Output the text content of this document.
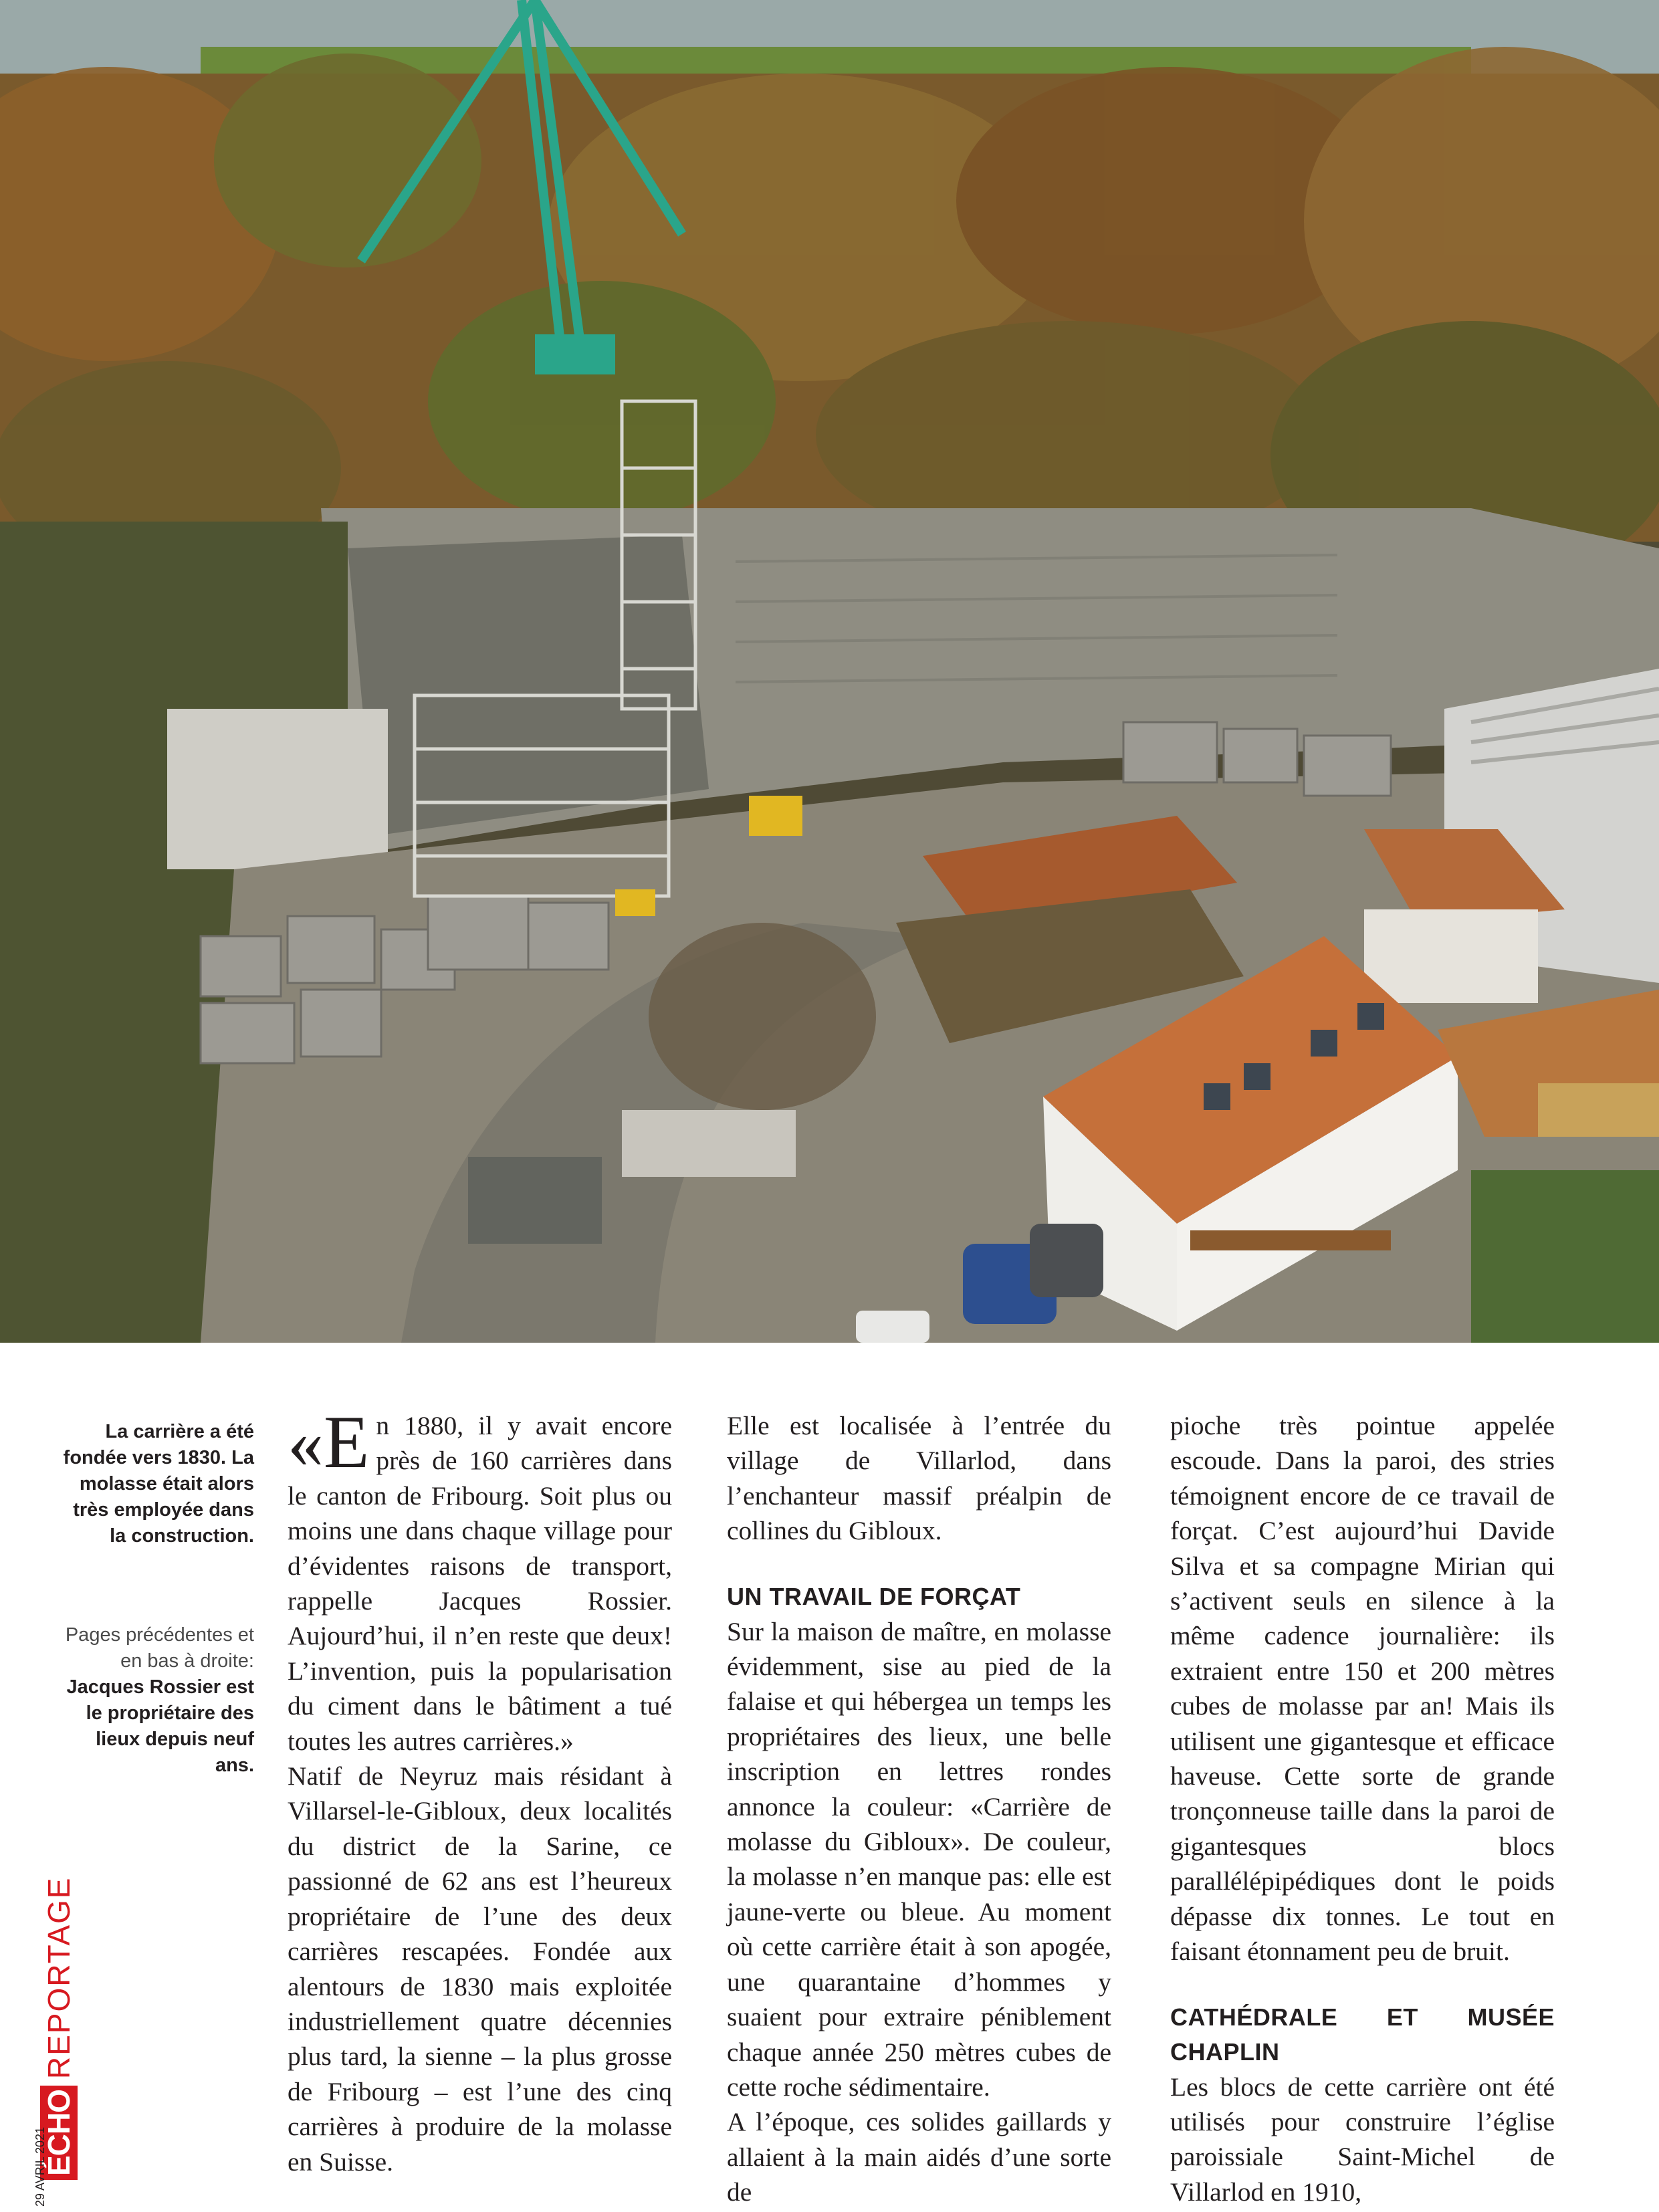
La carrière a été fondée vers 1830. La molasse était alors très employée dans la construction.
Pages précédentes et en bas à droite: Jacques Rossier est le propriétaire des lieux depuis neuf ans.

«E n 1880, il y avait encore près de 160 carrières dans le canton de Fribourg. Soit plus ou moins une dans chaque village pour d’évidentes raisons de transport, rappelle Jacques Rossier. Aujourd’hui, il n’en reste que deux! L’invention, puis la popularisation du ciment dans le bâtiment a tué toutes les autres carrières.»

Natif de Neyruz mais résidant à Villarsel-le-Gibloux, deux localités du district de la Sarine, ce passionné de 62 ans est l’heureux propriétaire de l’une des deux carrières rescapées. Fondée aux alentours de 1830 mais exploitée industriellement quatre décennies plus tard, la sienne – la plus grosse de Fribourg – est l’une des cinq carrières à produire de la molasse en Suisse.

Elle est localisée à l’entrée du village de Villarlod, dans l’enchanteur massif préalpin de collines du Gibloux.

UN TRAVAIL DE FORÇAT

Sur la maison de maître, en molasse évidemment, sise au pied de la falaise et qui hébergea un temps les propriétaires des lieux, une belle inscription en lettres rondes annonce la couleur: «Carrière de molasse du Gibloux». De couleur, la molasse n’en manque pas: elle est jaune-verte ou bleue. Au moment où cette carrière était à son apogée, une quarantaine d’hommes y suaient pour extraire péniblement chaque année 250 mètres cubes de cette roche sédimentaire.

A l’époque, ces solides gaillards y allaient à la main aidés d’une sorte de

pioche très pointue appelée escoude. Dans la paroi, des stries témoignent encore de ce travail de forçat. C’est aujourd’hui Davide Silva et sa compagne Mirian qui s’activent seuls en silence à la même cadence journalière: ils extraient entre 150 et 200 mètres cubes de molasse par an! Mais ils utilisent une gigantesque et efficace haveuse. Cette sorte de grande tronçonneuse taille dans la paroi de gigantesques blocs parallélépipédiques dont le poids dépasse dix tonnes. Le tout en faisant étonnament peu de bruit.

CATHÉDRALE ET MUSÉE CHAPLIN

Les blocs de cette carrière ont été utilisés pour construire l’église paroissiale Saint-Michel de Villarlod en 1910,

ÉCHO
REPORTAGE
29 AVRIL 2021
